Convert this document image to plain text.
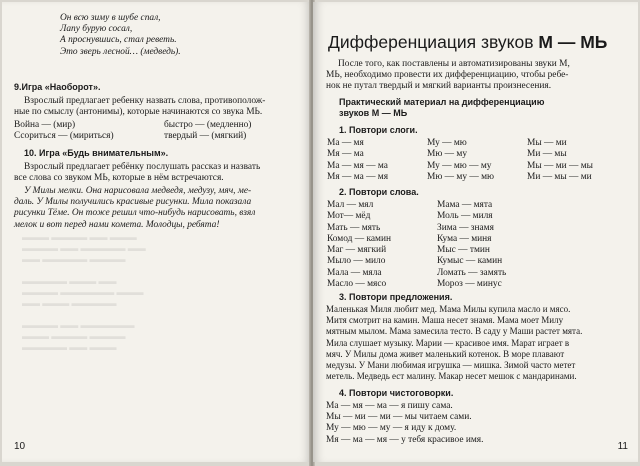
▬▬▬ ▬▬▬▬ ▬▬ ▬▬▬
▬▬▬▬ ▬▬ ▬▬▬▬▬ ▬▬
▬▬ ▬▬▬▬▬ ▬▬▬▬

▬▬▬▬▬ ▬▬▬ ▬▬
▬▬▬▬ ▬▬▬▬▬▬ ▬▬▬
▬▬ ▬▬▬ ▬▬▬▬▬

▬▬▬▬ ▬▬ ▬▬▬▬▬▬
▬▬▬ ▬▬▬▬ ▬▬▬▬
▬▬▬▬▬ ▬▬ ▬▬▬
Он всю зиму в шубе спал,
Лапу бурую сосал,
А проснувшись, стал реветь.
Это зверь лесной… (медведь).
9.Игра «Наоборот».
Взрослый предлагает ребенку назвать слова, противополож-
ные по смыслу (антонимы), которые начинаются со звука МЬ.
Война — (мир)	быстро — (медленно)
Ссориться — (мириться)	твердый — (мягкий)
10. Игра «Будь внимательным».
Взрослый предлагает ребёнку послушать рассказ и назвать
все слова со звуком МЬ, которые в нём встречаются.
У Милы мелки. Она нарисовала медведя, медузу, мяч, ме-
даль. У Милы получились красивые рисунки. Мила показала
рисунки Тёме. Он тоже решил что-нибудь нарисовать, взял
мелок и вот перед нами комета. Молодцы, ребята!
10
Дифференциация звуков М — МЬ
После того, как поставлены и автоматизированы звуки М,
МЬ, необходимо провести их дифференциацию, чтобы ребе-
нок не путал твердый и мягкий варианты произнесения.
Практический материал на дифференциацию
звуков М — МЬ
1. Повтори слоги.
Ма — мя	Му — мю	Мы — ми
Мя — ма	Мю — му	Ми — мы
Ма — мя — ма	Му — мю — му	Мы — ми — мы
Мя — ма — мя	Мю — му — мю	Ми — мы — ми
2. Повтори слова.
Мал — мял	Мама — мята
Мот— мёд	Моль — миля
Мать — мять	Зима — знамя
Комод — камин	Кума — миня
Маг — мягкий	Мыс — тмин
Мыло — мило	Кумыс — камин
Мала — мяла	Ломать — замять
Масло — мясо	Мороз — минус
3. Повтори предложения.
Маленькая Миля любит мед. Мама Милы купила масло и мясо.
Митя смотрит на камин. Маша несет знамя. Мама моет Милу
мятным мылом. Мама замесила тесто. В саду у Маши растет мята.
Мила слушает музыку. Марии — красивое имя. Марат играет в
мяч. У Милы дома живет маленький котенок. В море плавают
медузы. У Мани любимая игрушка — мишка. Зимой часто метет
метель. Медведь ест малину. Макар несет мешок с мандаринами.
4. Повтори чистоговорки.
Ма — мя — ма — я пишу сама.
Мы — ми — ми — мы читаем сами.
Му — мю — му — я иду к дому.
Мя — ма — мя — у тебя красивое имя.
11
